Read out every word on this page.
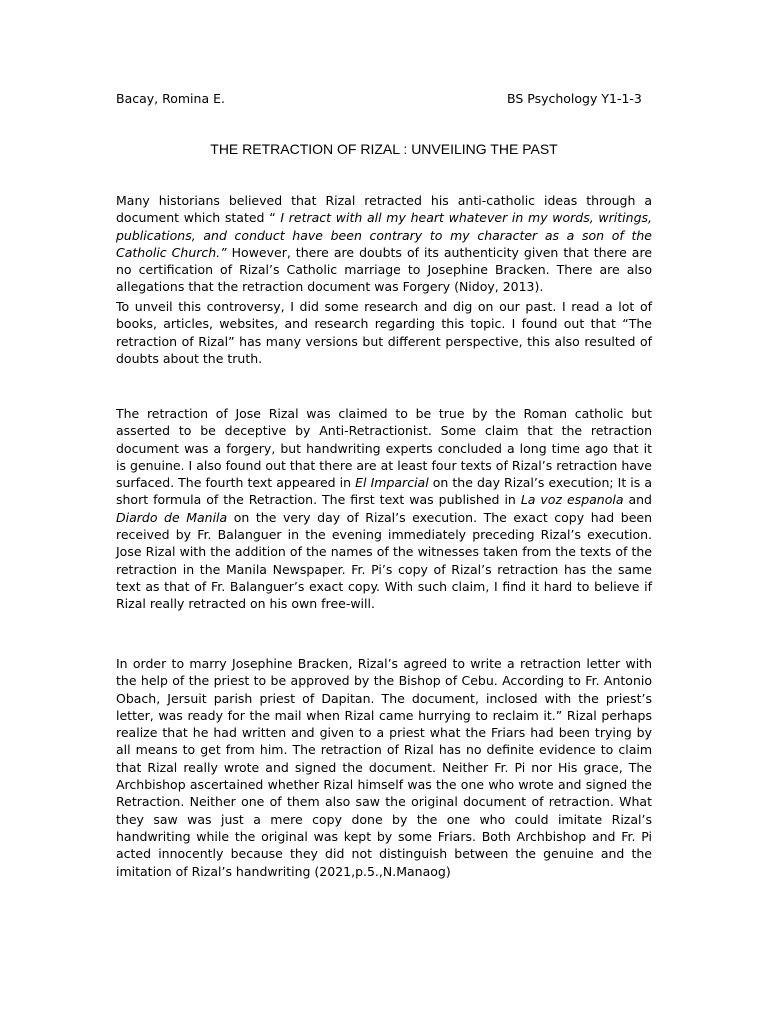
Bacay, Romina E.	BS Psychology Y1-1-3
THE RETRACTION OF RIZAL : UNVEILING THE PAST

Many historians believed that Rizal retracted his anti-catholic ideas through a document which stated “ I retract with all my heart whatever in my words, writings, publications, and conduct have been contrary to my character as a son of the Catholic Church.” However, there are doubts of its authenticity given that there are no certification of Rizal’s Catholic marriage to Josephine Bracken. There are also allegations that the retraction document was Forgery (Nidoy, 2013).

To unveil this controversy, I did some research and dig on our past. I read a lot of books, articles, websites, and research regarding this topic. I found out that “The retraction of Rizal” has many versions but different perspective, this also resulted of doubts about the truth.

The retraction of Jose Rizal was claimed to be true by the Roman catholic but asserted to be deceptive by Anti-Retractionist. Some claim that the retraction document was a forgery, but handwriting experts concluded a long time ago that it is genuine. I also found out that there are at least four texts of Rizal’s retraction have surfaced. The fourth text appeared in El Imparcial on the day Rizal’s execution; It is a short formula of the Retraction. The first text was published in La voz espanola and Diardo de Manila on the very day of Rizal’s execution. The exact copy had been received by Fr. Balanguer in the evening immediately preceding Rizal’s execution. Jose Rizal with the addition of the names of the witnesses taken from the texts of the retraction in the Manila Newspaper. Fr. Pi’s copy of Rizal’s retraction has the same text as that of Fr. Balanguer’s exact copy. With such claim, I find it hard to believe if Rizal really retracted on his own free-will.

In order to marry Josephine Bracken, Rizal’s agreed to write a retraction letter with the help of the priest to be approved by the Bishop of Cebu. According to Fr. Antonio Obach, Jersuit parish priest of Dapitan. The document, inclosed with the priest’s letter, was ready for the mail when Rizal came hurrying to reclaim it.” Rizal perhaps realize that he had written and given to a priest what the Friars had been trying by all means to get from him. The retraction of Rizal has no definite evidence to claim that Rizal really wrote and signed the document. Neither Fr. Pi nor His grace, The Archbishop ascertained whether Rizal himself was the one who wrote and signed the Retraction. Neither one of them also saw the original document of retraction. What they saw was just a mere copy done by the one who could imitate Rizal’s handwriting while the original was kept by some Friars. Both Archbishop and Fr. Pi acted innocently because they did not distinguish between the genuine and the imitation of Rizal’s handwriting (2021,p.5.,N.Manaog)
